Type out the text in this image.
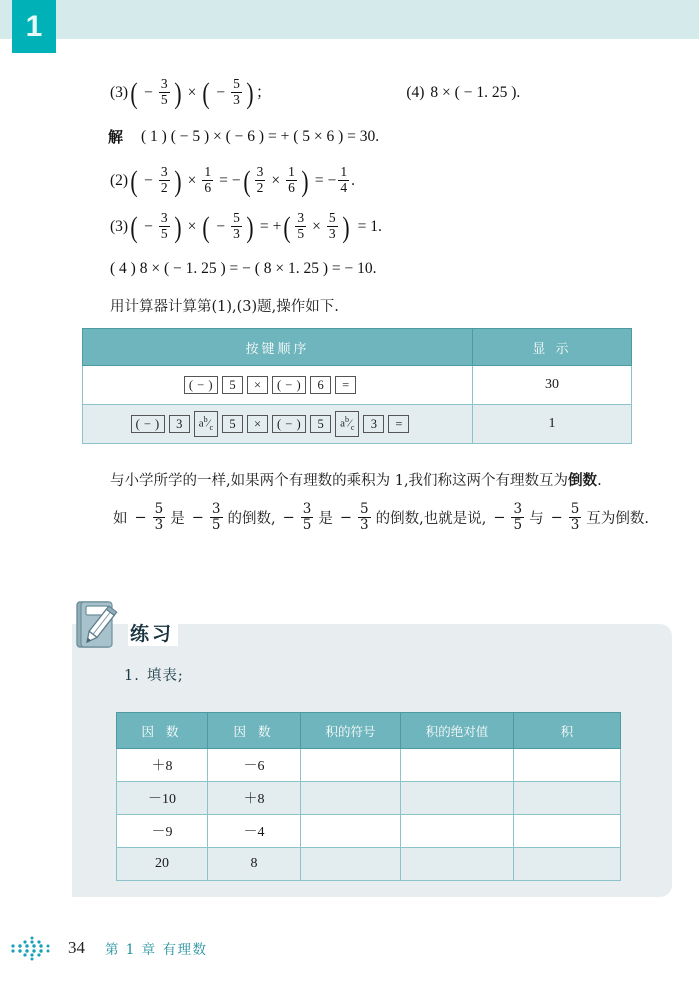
1
(3) ( − $\frac{3}{5}$ ) × ( − $\frac{5}{3}$ ) ；	(4) 8 × ( − 1. 25 ).
解 ( 1 ) ( − 5 ) × ( − 6 ) = + ( 5 × 6 ) = 30.
(2) ( − $\frac{3}{2}$ ) × $\frac{1}{6}$ = − ( $\frac{3}{2} \times \frac{1}{6}$ ) = − $\frac{1}{4}$ .
(3) ( − $\frac{3}{5}$ ) × ( − $\frac{5}{3}$ ) = + ( $\frac{3}{5} \times \frac{5}{3}$ ) = 1.
( 4 ) 8 × ( − 1. 25 ) = − ( 8 × 1. 25 ) = − 10.
用计算器计算第(1),(3)题,操作如下.
按键顺序	显 示
( − ) 5 × ( − ) 6 =	30
( − ) 3 $a^b⁄_c$ 5 × ( − ) 5 $a^b⁄_c$ 3 =	1
与小学所学的一样,如果两个有理数的乘积为 1,我们称这两个有理数互为倒数.
如 − $\frac{5}{3}$ 是 − $\frac{3}{5}$ 的倒数, − $\frac{3}{5}$ 是 − $\frac{5}{3}$ 的倒数,也就是说, − $\frac{3}{5}$ 与 − $\frac{5}{3}$ 互为倒数.
练习
1. 填表;
因 数	因 数	积的符号	积的绝对值	积
＋8	－6			
－10	＋8			
－9	－4			
20	8			
34 第 1 章 有理数
